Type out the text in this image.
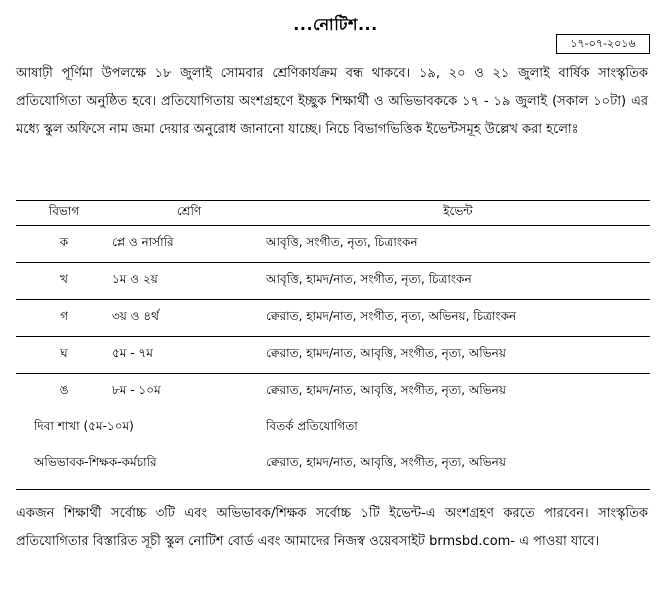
...নোটিশ...
১৭-০৭-২০১৬

আষাঢ়ী পূর্ণিমা উপলক্ষে ১৮ জুলাই সোমবার শ্রেণিকার্যক্রম বন্ধ থাকবে। ১৯, ২০ ও ২১ জুলাই বার্ষিক সাংস্কৃতিক প্রতিযোগিতা অনুষ্ঠিত হবে। প্রতিযোগিতায় অংশগ্রহণে ইচ্ছুক শিক্ষার্থী ও অভিভাবককে ১৭ - ১৯ জুলাই (সকাল ১০টা) এর মধ্যে স্কুল অফিসে নাম জমা দেয়ার অনুরোধ জানানো যাচ্ছে। নিচে বিভাগভিত্তিক ইভেন্টসমূহ উল্লেখ করা হলোঃ

বিভাগ	শ্রেণি	ইভেন্ট
ক	প্লে ও নার্সারি	আবৃত্তি, সংগীত, নৃত্য, চিত্রাংকন
খ	১ম ও ২য়	আবৃত্তি, হামদ/নাত, সংগীত, নৃত্য, চিত্রাংকন
গ	৩য় ও ৪র্থ	ক্বেরাত, হামদ/নাত, সংগীত, নৃত্য, অভিনয়, চিত্রাংকন
ঘ	৫ম - ৭ম	ক্বেরাত, হামদ/নাত, আবৃত্তি, সংগীত, নৃত্য, অভিনয়
ঙ	৮ম - ১০ম	ক্বেরাত, হামদ/নাত, আবৃত্তি, সংগীত, নৃত্য, অভিনয়
দিবা শাখা (৫ম-১০ম)		বিতর্ক প্রতিযোগিতা
অভিভাবক-শিক্ষক-কর্মচারি		ক্বেরাত, হামদ/নাত, আবৃত্তি, সংগীত, নৃত্য, অভিনয়

একজন শিক্ষার্থী সর্বোচ্চ ৩টি এবং অভিভাবক/শিক্ষক সর্বোচ্চ ১টি ইভেন্ট-এ অংশগ্রহণ করতে পারবেন। সাংস্কৃতিক প্রতিযোগিতার বিস্তারিত সূচী স্কুল নোটিশ বোর্ড এবং আমাদের নিজস্ব ওয়েবসাইট brmsbd.com- এ পাওয়া যাবে।
